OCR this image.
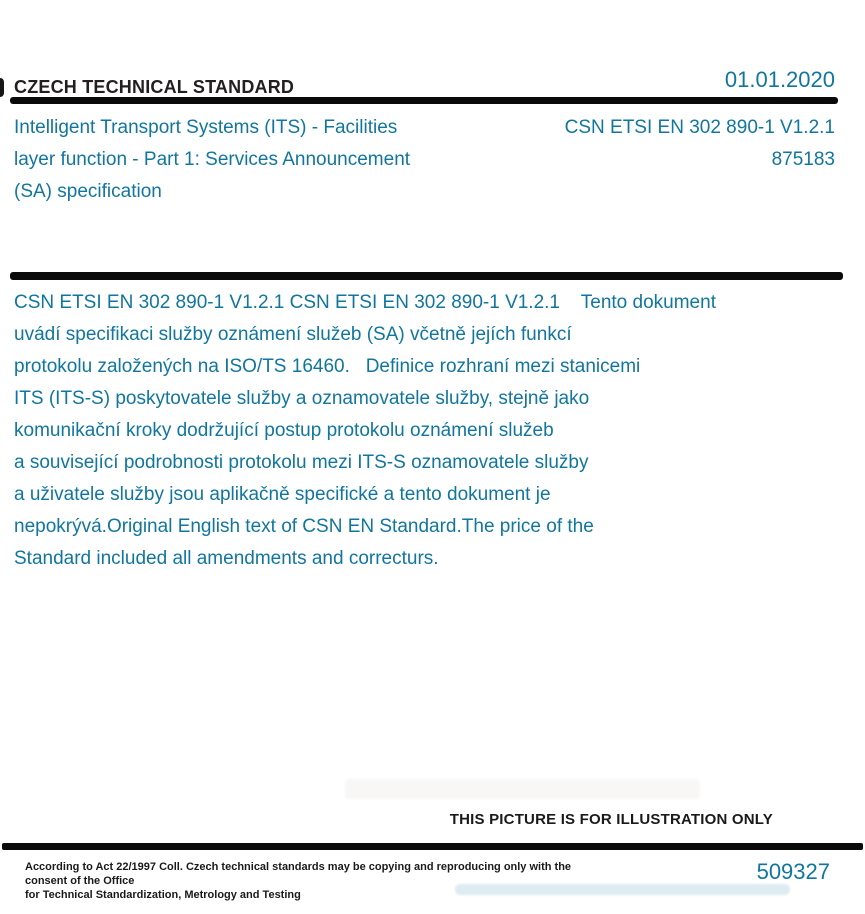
CZECH TECHNICAL STANDARD	01.01.2020
Intelligent Transport Systems (ITS) - Facilities
layer function - Part 1: Services Announcement
(SA) specification
CSN ETSI EN 302 890-1 V1.2.1
875183
CSN ETSI EN 302 890-1 V1.2.1 CSN ETSI EN 302 890-1 V1.2.1    Tento dokument
uvádí specifikaci služby oznámení služeb (SA) včetně jejích funkcí
protokolu založených na ISO/TS 16460.   Definice rozhraní mezi stanicemi
ITS (ITS-S) poskytovatele služby a oznamovatele služby, stejně jako
komunikační kroky dodržující postup protokolu oznámení služeb
a související podrobnosti protokolu mezi ITS-S oznamovatele služby
a uživatele služby jsou aplikačně specifické a tento dokument je
nepokrývá.Original English text of CSN EN Standard.The price of the
Standard included all amendments and correcturs.
THIS PICTURE IS FOR ILLUSTRATION ONLY
According to Act 22/1997 Coll. Czech technical standards may be copying and reproducing only with the consent of the Office
for Technical Standardization, Metrology and Testing
509327
